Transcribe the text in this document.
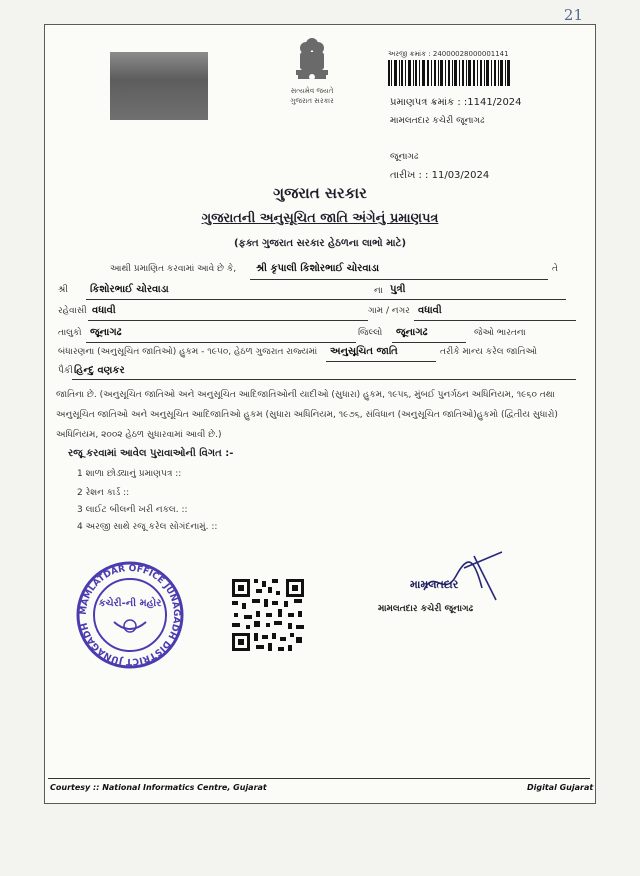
21
સત્યમેવ જયતે
ગુજરાત સરકાર
અરજી ક્રમાંક : 24000028000001141
પ્રમાણપત્ર ક્રમાંક : :1141/2024
મામલતદાર કચેરી જૂનાગઢ
જૂનાગઢ
તારીખ : : 11/03/2024
ગુજરાત સરકાર
ગુજરાતની અનુસૂચિત જાતિ અંગેનું પ્રમાણપત્ર
(ફક્ત ગુજરાત સરકાર હેઠળના લાભો માટે)
આથી પ્રમાણિત કરવામાં આવે છે કે, શ્રી કૃપાલી કિશોરભાઈ ચોરવાડા	તે
શ્રી કિશોરભાઈ ચોરવાડા	ના પુત્રી
રહેવાસી વધાવી	ગામ / નગર વધાવી
તાલુકો જૂનાગઢ	જિલ્લો જૂનાગઢ	જેઓ ભારતના
બંધારણના (અનુસૂચિત જાતિઓ) હુકમ - ૧૯૫૦, હેઠળ ગુજરાત રાજ્યમાં અનુસૂચિત જાતિ	તરીકે માન્ય કરેલ જાતિઓ
પૈકી હિન્દુ વણકર
જાતિના છે. (અનુસૂચિત જાતિઓ અને અનુસૂચિત આદિજાતિઓની યાદીઓ (સુધારા) હુકમ, ૧૯૫૬, મુંબઈ પુનર્ગઠન અધિનિયમ, ૧૯૬૦ તથા અનુસૂચિત જાતિઓ અને અનુસૂચિત આદિજાતિઓ હુકમ (સુધારા અધિનિયમ, ૧૯૭૬, સંવિધાન (અનુસૂચિત જાતિઓ)હુકમો (દ્વિતીય સુધારો) અધિનિયમ, ૨૦૦૨ હેઠળ સુધારવામાં આવી છે.)
રજૂ કરવામાં આવેલ પુરાવાઓની વિગત :-
1 શાળા છોડ્યાનું પ્રમાણપત્ર ::
2 રેશન કાર્ડ ::
3 લાઈટ બીલની ખરી નકલ. ::
4 અરજી સાથે રજૂ કરેલ સોગંદનામું. ::
MAMLATDAR OFFICE JUNAGADH DISTRICT JUNAGADH
કચેરી-ની મહોર
મામલતદાર
મામલતદાર કચેરી જૂનાગઢ
Courtesy :: National Informatics Centre, Gujarat	Digital Gujarat
